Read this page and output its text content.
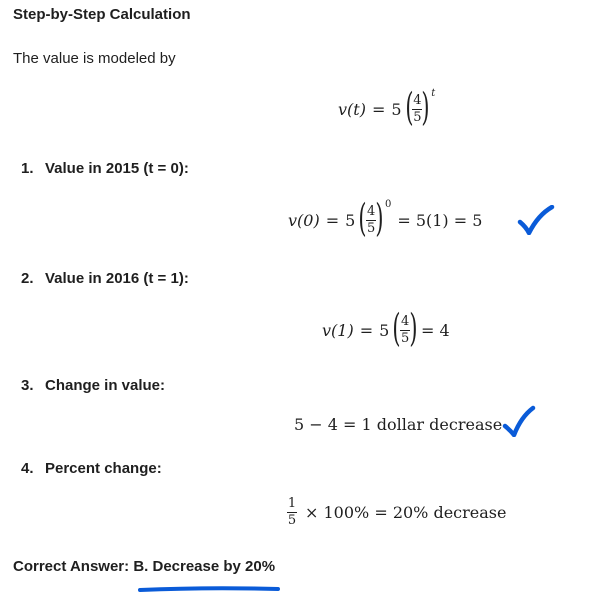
Step-by-Step Calculation
The value is modeled by
v(t) = 5 ( $\frac{4}{5}$ ) t
1. Value in 2015 (t = 0):
v(0) = 5 ( $\frac{4}{5}$ ) 0
= 5(1) = 5
2. Value in 2016 (t = 1):
v(1) = 5 ( $\frac{4}{5}$ ) = 4
3. Change in value:
5 − 4 = 1 dollar decrease
4. Percent change:
$\frac{1}{5} \times 100\% = 20\%$ decrease
Correct Answer: B. Decrease by 20%
